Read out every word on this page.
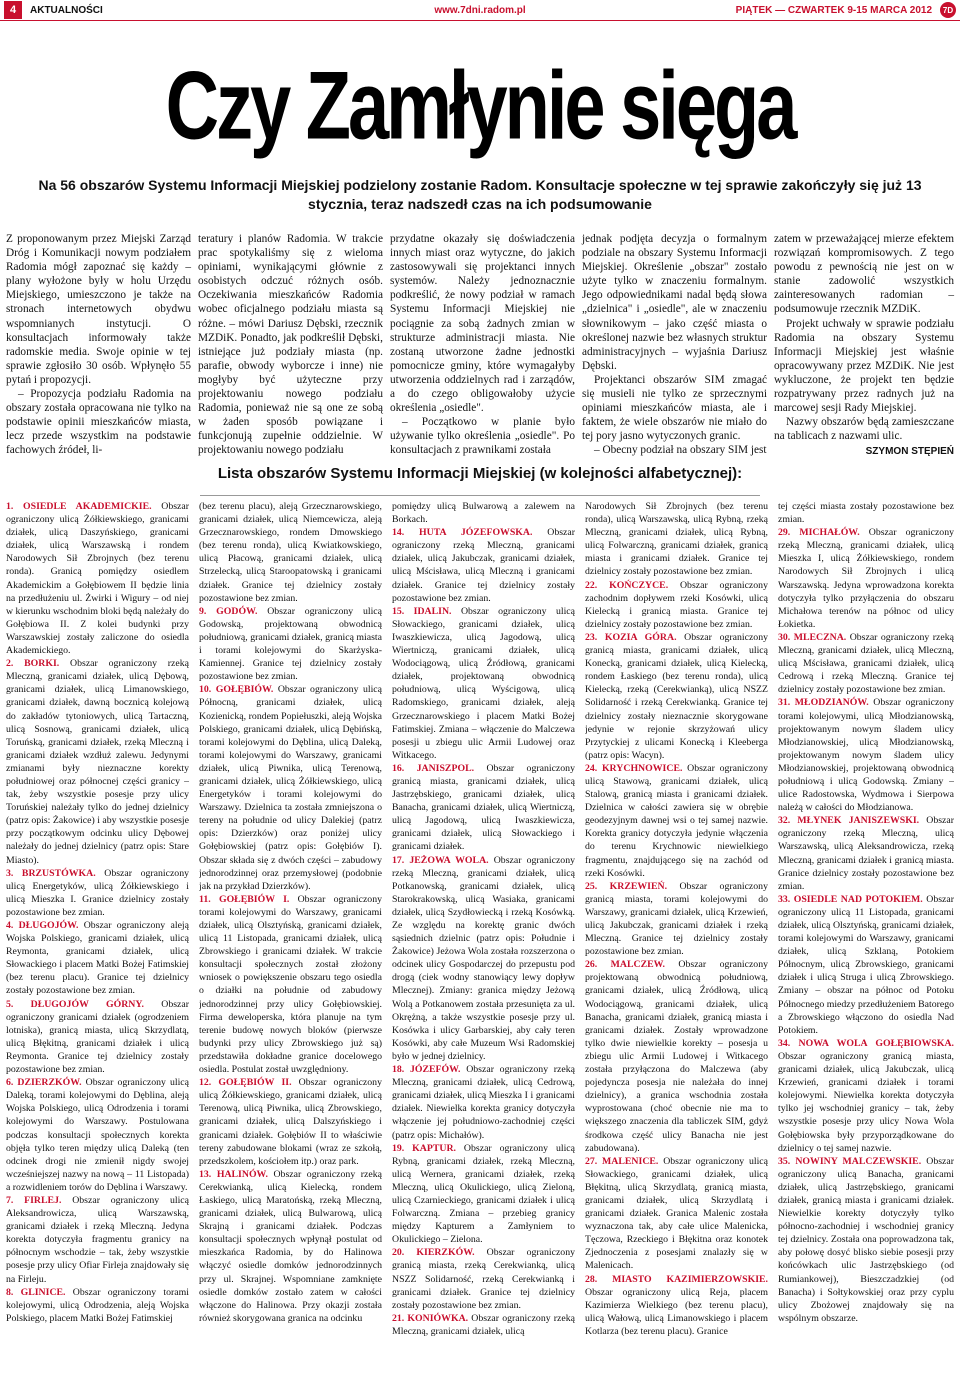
4	AKTUALNOŚCI	www.7dni.radom.pl	PIĄTEK — CZWARTEK 9-15 MARCA 2012	7D
Czy Zamłynie sięga
Na 56 obszarów Systemu Informacji Miejskiej podzielony zostanie Radom. Konsultacje społeczne w tej sprawie zakończyły się już 13 stycznia, teraz nadszedł czas na ich podsumowanie

Z proponowanym przez Miejski Zarząd Dróg i Komunikacji nowym podziałem Radomia mógł zapoznać się każdy – plany wyłożone były w holu Urzędu Miejskiego, umieszczono je także na stronach internetowych obydwu wspomnianych instytucji. O konsultacjach informowały także radomskie media. Swoje opinie w tej sprawie zgłosiło 30 osób. Wpłynęło 55 pytań i propozycji.

– Propozycja podziału Radomia na obszary została opracowana nie tylko na podstawie opinii mieszkańców miasta, lecz przede wszystkim na podstawie fachowych źródeł, li-

teratury i planów Radomia. W trakcie prac spotykaliśmy się z wieloma opiniami, wynikającymi głównie z osobistych odczuć różnych osób. Oczekiwania mieszkańców Radomia wobec oficjalnego podziału miasta są różne. – mówi Dariusz Dębski, rzecznik MZDiK. Ponadto, jak podkreślił Dębski, istniejące już podziały miasta (np. parafie, obwody wyborcze i inne) nie mogłyby być użyteczne przy projektowaniu nowego podziału Radomia, ponieważ nie są one ze sobą w żaden sposób powiązane i funkcjonują zupełnie oddzielnie. W projektowaniu nowego podziału

przydatne okazały się doświadczenia innych miast oraz wytyczne, do jakich zastosowywali się projektanci innych systemów. Należy jednoznacznie podkreślić, że nowy podział w ramach Systemu Informacji Miejskiej nie pociągnie za sobą żadnych zmian w strukturze administracji miasta. Nie zostaną utworzone żadne jednostki pomocnicze gminy, które wymagałyby utworzenia oddzielnych rad i zarządów, a do czego obligowałoby użycie określenia „osiedle".

– Początkowo w planie było używanie tylko określenia „osiedle". Po konsultacjach z prawnikami została

jednak podjęta decyzja o formalnym podziale na obszary Systemu Informacji Miejskiej. Określenie „obszar" zostało użyte tylko w znaczeniu formalnym. Jego odpowiednikami nadal będą słowa „dzielnica" i „osiedle", ale w znaczeniu słownikowym – jako część miasta o określonej nazwie bez własnych struktur administracyjnych – wyjaśnia Dariusz Dębski.

Projektanci obszarów SIM zmagać się musieli nie tylko ze sprzecznymi opiniami mieszkańców miasta, ale i faktem, że wiele obszarów nie miało do tej pory jasno wytyczonych granic.

– Obecny podział na obszary SIM jest

zatem w przeważającej mierze efektem rozwiązań kompromisowych. Z tego powodu z pewnością nie jest on w stanie zadowolić wszystkich zainteresowanych radomian – podsumowuje rzecznik MZDiK.

Projekt uchwały w sprawie podziału Radomia na obszary Systemu Informacji Miejskiej jest właśnie opracowywany przez MZDiK. Nie jest wykluczone, że projekt ten będzie rozpatrywany przez radnych już na marcowej sesji Rady Miejskiej.

Nazwy obszarów będą zamieszczane na tablicach z nazwami ulic.

SZYMON STĘPIEŃ

Lista obszarów Systemu Informacji Miejskiej (w kolejności alfabetycznej):

1. OSIEDLE AKADEMICKIE. Obszar ograniczony ulicą Żółkiewskiego, granicami działek, ulicą Daszyńskiego, granicami działek, ulicą Warszawską i rondem Narodowych Sił Zbrojnych (bez terenu ronda). Granicą pomiędzy osiedlem Akademickim a Gołębiowem II będzie linia na przedłużeniu ul. Żwirki i Wigury – od niej w kierunku wschodnim bloki będą należały do Gołębiowa II. Z kolei budynki przy Warszawskiej zostały zaliczone do osiedla Akademickiego.

2. BORKI. Obszar ograniczony rzeką Mleczną, granicami działek, ulicą Dębową, granicami działek, ulicą Limanowskiego, granicami działek, dawną bocznicą kolejową do zakładów tytoniowych, ulicą Tartaczną, ulicą Sosnową, granicami działek, ulicą Toruńską, granicami działek, rzeką Mleczną i granicami działek wzdłuż zalewu. Jedynymi zmianami były nieznaczne korekty południowej oraz północnej części granicy – tak, żeby wszystkie posesje przy ulicy Toruńskiej należały tylko do jednej dzielnicy (patrz opis: Żakowice) i aby wszystkie posesje przy początkowym odcinku ulicy Dębowej należały do jednej dzielnicy (patrz opis: Stare Miasto).

3. BRZUSTÓWKA. Obszar ograniczony ulicą Energetyków, ulicą Żółkiewskiego i ulicą Mieszka I. Granice dzielnicy zostały pozostawione bez zmian.

4. DŁUGOJÓW. Obszar ograniczony aleją Wojska Polskiego, granicami działek, ulicą Reymonta, granicami działek, ulicą Słowackiego i placem Matki Bożej Fatimskiej (bez terenu placu). Granice tej dzielnicy zostały pozostawione bez zmian.

5. DŁUGOJÓW GÓRNY. Obszar ograniczony granicami działek (ogrodzeniem lotniska), granicą miasta, ulicą Skrzydlatą, ulicą Błękitną, granicami działek i ulicą Reymonta. Granice tej dzielnicy zostały pozostawione bez zmian.

6. DZIERZKÓW. Obszar ograniczony ulicą Daleką, torami kolejowymi do Dęblina, aleją Wojska Polskiego, ulicą Odrodzenia i torami kolejowymi do Warszawy. Postulowana podczas konsultacji społecznych korekta objęła tylko teren między ulicą Daleką (ten odcinek drogi nie zmienił nigdy swojej wcześniejszej nazwy na nową – 11 Listopada) a rozwidleniem torów do Dęblina i Warszawy.

7. FIRLEJ. Obszar ograniczony ulicą Aleksandrowicza, ulicą Warszawską, granicami działek i rzeką Mleczną. Jedyna korekta dotyczyła fragmentu granicy na północnym wschodzie – tak, żeby wszystkie posesje przy ulicy Ofiar Firleja znajdowały się na Firleju.

8. GLINICE. Obszar ograniczony torami kolejowymi, ulicą Odrodzenia, aleją Wojska Polskiego, placem Matki Bożej Fatimskiej

(bez terenu placu), aleją Grzecznarowskiego, granicami działek, ulicą Niemcewicza, aleją Grzecznarowskiego, rondem Dmowskiego (bez terenu ronda), ulicą Kwiatkowskiego, ulicą Płacową, granicami działek, ulicą Strzelecką, ulicą Staroopatowską i granicami działek. Granice tej dzielnicy zostały pozostawione bez zmian.

9. GODÓW. Obszar ograniczony ulicą Godowską, projektowaną obwodnicą południową, granicami działek, granicą miasta i torami kolejowymi do Skarżyska-Kamiennej. Granice tej dzielnicy zostały pozostawione bez zmian.

10. GOŁĘBIÓW. Obszar ograniczony ulicą Północną, granicami działek, ulicą Kozienicką, rondem Popiełuszki, aleją Wojska Polskiego, granicami działek, ulicą Dębińską, torami kolejowymi do Dęblina, ulicą Daleką, torami kolejowymi do Warszawy, granicami działek, ulicą Piwnika, ulicą Terenową, granicami działek, ulicą Żółkiewskiego, ulicą Energetyków i torami kolejowymi do Warszawy. Dzielnica ta została zmniejszona o tereny na południe od ulicy Dalekiej (patrz opis: Dzierzków) oraz poniżej ulicy Gołębiowskiej (patrz opis: Gołębiów I). Obszar składa się z dwóch części – zabudowy jednorodzinnej oraz przemysłowej (podobnie jak na przykład Dzierzków).

11. GOŁĘBIÓW I. Obszar ograniczony torami kolejowymi do Warszawy, granicami działek, ulicą Olsztyńską, granicami działek, ulicą 11 Listopada, granicami działek, ulicą Zbrowskiego i granicami działek. W trakcie konsultacji społecznych został złożony wniosek o powiększenie obszaru tego osiedla o działki na południe od zabudowy jednorodzinnej przy ulicy Gołębiowskiej. Firma deweloperska, która planuje na tym terenie budowę nowych bloków (pierwsze budynki przy ulicy Zbrowskiego już są) przedstawiła dokładne granice docelowego osiedla. Postulat został uwzględniony.

12. GOŁĘBIÓW II. Obszar ograniczony ulicą Żółkiewskiego, granicami działek, ulicą Terenową, ulicą Piwnika, ulicą Zbrowskiego, granicami działek, ulicą Dalszyńskiego i granicami działek. Gołębiów II to właściwie tereny zabudowane blokami (wraz ze szkołą, przedszkolem, kościołem itp.) oraz park.

13. HALINÓW. Obszar ograniczony rzeką Cerekwianką, ulicą Kielecką, rondem Łaskiego, ulicą Maratońską, rzeką Mleczną, granicami działek, ulicą Bulwarową, ulicą Skrajną i granicami działek. Podczas konsultacji społecznych wpłynął postulat od mieszkańca Radomia, by do Halinowa włączyć osiedle domków jednorodzinnych przy ul. Skrajnej. Wspomniane zamknięte osiedle domków zostało zatem w całości włączone do Halinowa. Przy okazji została również skorygowana granica na odcinku

pomiędzy ulicą Bulwarową a zalewem na Borkach.

14. HUTA JÓZEFOWSKA. Obszar ograniczony rzeką Mleczną, granicami działek, ulicą Jakubczak, granicami działek, ulicą Mścisława, ulicą Mleczną i granicami działek. Granice tej dzielnicy zostały pozostawione bez zmian.

15. IDALIN. Obszar ograniczony ulicą Słowackiego, granicami działek, ulicą Iwaszkiewicza, ulicą Jagodową, ulicą Wiertniczą, granicami działek, ulicą Wodociągową, ulicą Źródłową, granicami działek, projektowaną obwodnicą południową, ulicą Wyścigową, ulicą Radomskiego, granicami działek, aleją Grzecznarowskiego i placem Matki Bożej Fatimskiej. Zmiana – włączenie do Malczewa posesji u zbiegu ulic Armii Ludowej oraz Witkacego.

16. JANISZPOL. Obszar ograniczony granicą miasta, granicami działek, ulicą Jastrzębskiego, granicami działek, ulicą Banacha, granicami działek, ulicą Wiertniczą, ulicą Jagodową, ulicą Iwaszkiewicza, granicami działek, ulicą Słowackiego i granicami działek.

17. JEŻOWA WOLA. Obszar ograniczony rzeką Mleczną, granicami działek, ulicą Potkanowską, granicami działek, ulicą Starokrakowską, ulicą Wasiaka, granicami działek, ulicą Szydłowiecką i rzeką Kosówką. Ze względu na korektę granic dwóch sąsiednich dzielnic (patrz opis: Południe i Żakowice) Jeżowa Wola została rozszerzona o odcinek ulicy Gospodarczej do przepustu pod drogą (ciek wodny stanowiący lewy dopływ Mlecznej). Zmiany: granica między Jeżową Wolą a Potkanowem została przesunięta za ul. Okrężną, a także wszystkie posesje przy ul. Kosówka i ulicy Garbarskiej, aby cały teren Kosówki, aby całe Muzeum Wsi Radomskiej było w jednej dzielnicy.

18. JÓZEFÓW. Obszar ograniczony rzeką Mleczną, granicami działek, ulicą Cedrową, granicami działek, ulicą Mieszka I i granicami działek. Niewielka korekta granicy dotyczyła włączenie jej południowo-zachodniej części (patrz opis: Michałów).

19. KAPTUR. Obszar ograniczony ulicą Rybną, granicami działek, rzeką Mleczną, ulicą Wernera, granicami działek, rzeką Mleczną, ulicą Okulickiego, ulicą Zieloną, ulicą Czarnieckiego, granicami działek i ulicą Folwarczną. Zmiana – przebieg granicy między Kapturem a Zamłyniem to Okulickiego – Zielona.

20. KIERZKÓW. Obszar ograniczony granicą miasta, rzeką Cerekwianką, ulicą NSZZ Solidarność, rzeką Cerekwianką i granicami działek. Granice tej dzielnicy zostały pozostawione bez zmian.

21. KONIÓWKA. Obszar ograniczony rzeką Mleczną, granicami działek, ulicą

Narodowych Sił Zbrojnych (bez terenu ronda), ulicą Warszawską, ulicą Rybną, rzeką Mleczną, granicami działek, ulicą Rybną, ulicą Folwarczną, granicami działek, granicą miasta i granicami działek. Granice tej dzielnicy zostały pozostawione bez zmian.

22. KOŃCZYCE. Obszar ograniczony zachodnim dopływem rzeki Kosówki, ulicą Kielecką i granicą miasta. Granice tej dzielnicy zostały pozostawione bez zmian.

23. KOZIA GÓRA. Obszar ograniczony granicą miasta, granicami działek, ulicą Konecką, granicami działek, ulicą Kielecką, rondem Łaskiego (bez terenu ronda), ulicą Kielecką, rzeką (Cerekwianką), ulicą NSZZ Solidarność i rzeką Cerekwianką. Granice tej dzielnicy zostały nieznacznie skorygowane jedynie w rejonie skrzyżowań ulicy Przytyckiej z ulicami Konecką i Kleeberga (patrz opis: Wacyn).

24. KRYCHNOWICE. Obszar ograniczony ulicą Stawową, granicami działek, ulicą Stalową, granicą miasta i granicami działek. Dzielnica w całości zawiera się w obrębie geodezyjnym dawnej wsi o tej samej nazwie. Korekta granicy dotyczyła jedynie włączenia do terenu Krychnowic niewielkiego fragmentu, znajdującego się na zachód od rzeki Kosówki.

25. KRZEWIEŃ. Obszar ograniczony granicą miasta, torami kolejowymi do Warszawy, granicami działek, ulicą Krzewień, ulicą Jakubczak, granicami działek i rzeką Mleczną. Granice tej dzielnicy zostały pozostawione bez zmian.

26. MALCZEW. Obszar ograniczony projektowaną obwodnicą południową, granicami działek, ulicą Źródłową, ulicą Wodociągową, granicami działek, ulicą Banacha, granicami działek, granicą miasta i granicami działek. Zostały wprowadzone tylko dwie niewielkie korekty – posesja u zbiegu ulic Armii Ludowej i Witkacego została przyłączona do Malczewa (aby pojedyncza posesja nie należała do innej dzielnicy), a granica wschodnia została wyprostowana (choć obecnie nie ma to większego znaczenia dla tabliczek SIM, gdyż środkowa część ulicy Banacha nie jest zabudowana).

27. MALENICE. Obszar ograniczony ulicą Słowackiego, granicami działek, ulicą Błękitną, ulicą Skrzydlatą, granicą miasta, granicami działek, ulicą Skrzydlatą i granicami działek. Granica Malenic została wyznaczona tak, aby całe ulice Malenicka, Tęczowa, Rzeckiego i Błękitna oraz konotek Zjednoczenia z posesjami znalazły się w Malenicach.

28. MIASTO KAZIMIERZOWSKIE. Obszar ograniczony ulicą Reja, placem Kazimierza Wielkiego (bez terenu placu), ulicą Wałową, ulicą Limanowskiego i placem Kotlarza (bez terenu placu). Granice

tej części miasta zostały pozostawione bez zmian.

29. MICHAŁÓW. Obszar ograniczony rzeką Mleczną, granicami działek, ulicą Mieszka I, ulicą Żółkiewskiego, rondem Narodowych Sił Zbrojnych i ulicą Warszawską. Jedyna wprowadzona korekta dotyczyła tylko przyłączenia do obszaru Michałowa terenów na północ od ulicy Łokietka.

30. MLECZNA. Obszar ograniczony rzeką Mleczną, granicami działek, ulicą Mleczną, ulicą Mścisława, granicami działek, ulicą Cedrową i rzeką Mleczną. Granice tej dzielnicy zostały pozostawione bez zmian.

31. MŁODZIANÓW. Obszar ograniczony torami kolejowymi, ulicą Młodzianowską, projektowanym nowym śladem ulicy Młodzianowskiej, ulicą Młodzianowską, projektowanym nowym śladem ulicy Młodzianowskiej, projektowaną obwodnicą południową i ulicą Godowską. Zmiany – ulice Radostowska, Wydmowa i Sierpowa należą w całości do Młodzianowa.

32. MŁYNEK JANISZEWSKI. Obszar ograniczony rzeką Mleczną, ulicą Warszawską, ulicą Aleksandrowicza, rzeką Mleczną, granicami działek i granicą miasta. Granice dzielnicy zostały pozostawione bez zmian.

33. OSIEDLE NAD POTOKIEM. Obszar ograniczony ulicą 11 Listopada, granicami działek, ulicą Olsztyńską, granicami działek, torami kolejowymi do Warszawy, granicami działek, ulicą Szklaną, Potokiem Północnym, ulicą Zbrowskiego, granicami działek i ulicą Struga i ulicą Zbrowskiego. Zmiany – obszar na północ od Potoku Północnego miedzy przedłużeniem Batorego a Zbrowskiego włączono do osiedla Nad Potokiem.

34. NOWA WOLA GOŁĘBIOWSKA. Obszar ograniczony granicą miasta, granicami działek, ulicą Jakubczak, ulicą Krzewień, granicami działek i torami kolejowymi. Niewielka korekta dotyczyła tylko jej wschodniej granicy – tak, żeby wszystkie posesje przy ulicy Nowa Wola Gołębiowska były przyporządkowane do dzielnicy o tej samej nazwie.

35. NOWINY MALCZEWSKIE. Obszar ograniczony ulicą Banacha, granicami działek, ulicą Jastrzębskiego, granicami działek, granicą miasta i granicami działek. Niewielkie korekty dotyczyły tylko północno-zachodniej i wschodniej granicy tej dzielnicy. Została ona poprowadzona tak, aby połowę dosyć blisko siebie posesji przy końcówkach ulic Jastrzębskiego (od Rumiankowej), Bieszczadzkiej (od Banacha) i Sołtykowskiej oraz przy cyplu ulicy Zbożowej znajdowały się na wspólnym obszarze.
